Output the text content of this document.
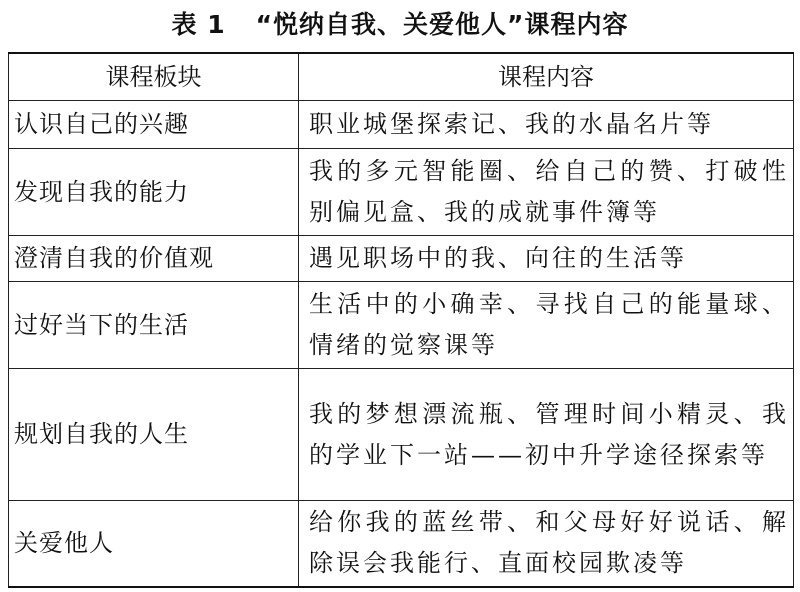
表 1 “悦纳自我、关爱他人”课程内容
课程板块	课程内容
认识自己的兴趣	职业城堡探索记、我的水晶名片等
发现自我的能力	我的多元智能圈、给自己的赞、打破性别偏见盒、我的成就事件簿等
澄清自我的价值观	遇见职场中的我、向往的生活等
过好当下的生活	生活中的小确幸、寻找自己的能量球、情绪的觉察课等
规划自我的人生	我的梦想漂流瓶、管理时间小精灵、我的学业下一站——初中升学途径探索等
关爱他人	给你我的蓝丝带、和父母好好说话、解除误会我能行、直面校园欺凌等
